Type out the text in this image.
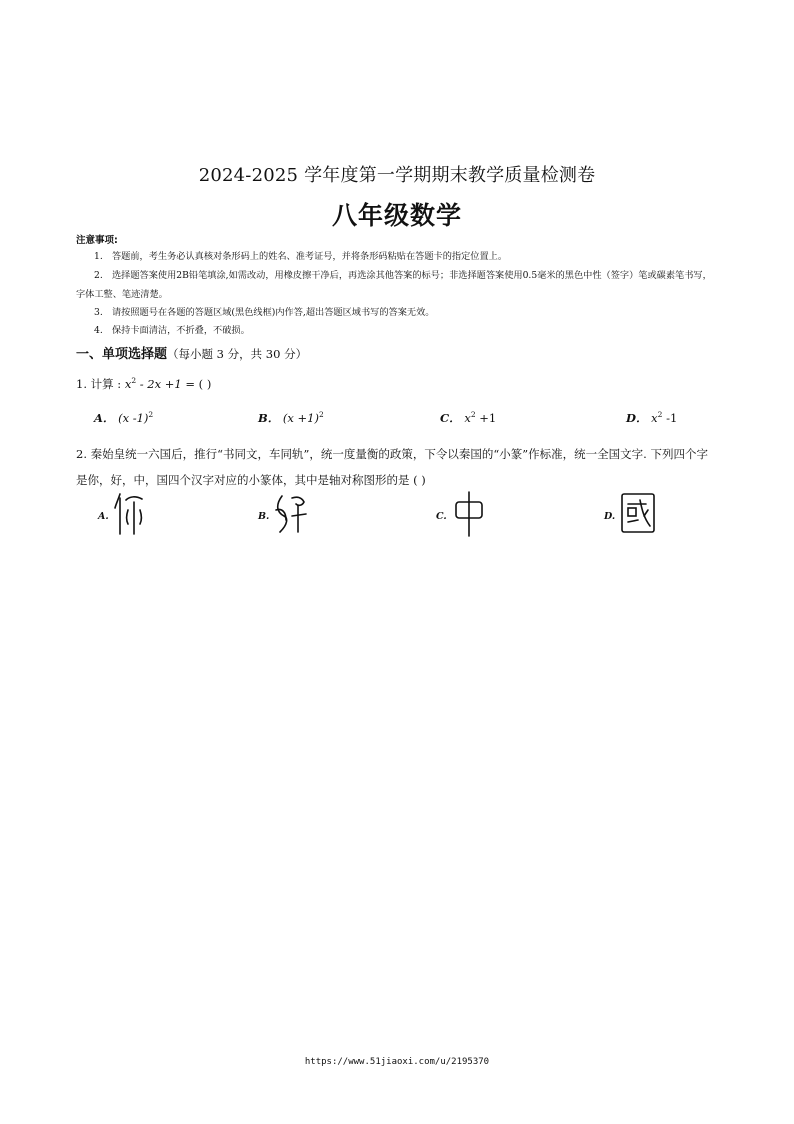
2024-2025 学年度第一学期期末教学质量检测卷
八年级数学
注意事项:
1. 答题前，考生务必认真核对条形码上的姓名、准考证号，并将条形码粘贴在答题卡的指定位置上。
2. 选择题答案使用2B铅笔填涂,如需改动，用橡皮擦干净后，再选涂其他答案的标号；非选择题答案使用0.5毫米的黑色中性（签字）笔或碳素笔书写，字体工整、笔迹清楚。
3. 请按照题号在各题的答题区域(黑色线框)内作答,超出答题区域书写的答案无效。
4. 保持卡面清洁，不折叠，不破损。
一、单项选择题（每小题 3 分，共 30 分）
1. 计算 : $x^2 - 2x +1$ = ( )
A． (x -1)$^2$	B． $(x +1)^2$	C． $x^2 +1$	D． $x^2$ -1
2. 秦始皇统一六国后，推行“书同文，车同轨”，统一度量衡的政策，下令以秦国的“小篆”作标准，统一全国文字. 下列四个字是你，好，中，国四个汉字对应的小篆体，其中是轴对称图形的是 ( )
A.	B.	C.	D.
https://www.51jiaoxi.com/u/2195370
